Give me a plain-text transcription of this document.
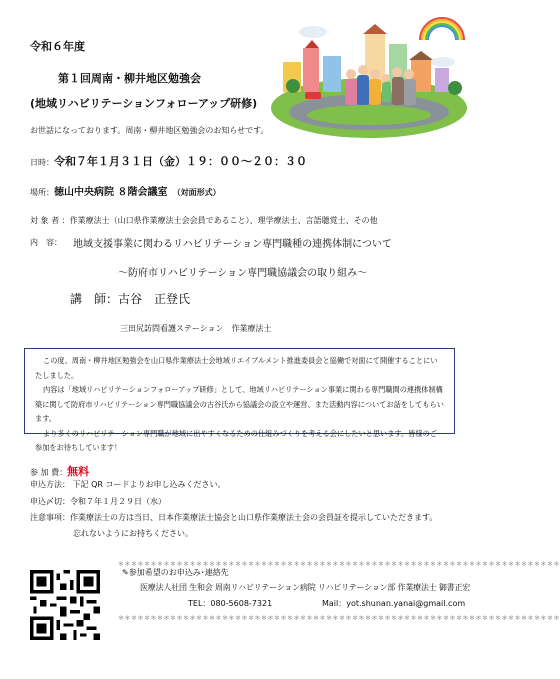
令和６年度
第１回周南・柳井地区勉強会
(地域リハビリテーションフォローアップ研修)
お世話になっております。周南・柳井地区勉強会のお知らせです。
日時：令和７年１月３１日（金）１９：００〜２０：３０
場所：徳山中央病院 ８階会議室 （対面形式）
対 象 者 ：作業療法士（山口県作業療法士会会員であること）、理学療法士、言語聴覚士、その他
内　容： 地域支援事業に関わるリハビリテーション専門職種の連携体制について
〜防府市リハビリテーション専門職協議会の取り組み〜
講　師：古谷　正登氏
三田尻訪問看護ステーション　作業療法士

この度、周南・柳井地区勉強会を山口県作業療法士会地域リエイブルメント推進委員会と協働で対面にて開催することにいたしました。

内容は「地域リハビリテーションフォローアップ研修」として、地域リハビリテーション事業に関わる専門職間の連携体制構築に関して防府市リハビリテーション専門職協議会の古谷氏から協議会の設立や運営、また活動内容についてお話をしてもらいます。

より多くのリハビリテーション専門職が地域に出やすくなるための仕組みづくりを考える会にしたいと思います。皆様のご参加をお待ちしています！

参 加 費：無料
申込方法： 下記 QR コードよりお申し込みください。
申込〆切：令和７年１月２９日（水）
注意事項：作業療法士の方は当日、日本作業療法士協会と山口県作業療法士会の会員証を提示していただきます。
忘れないようにお持ちください。
＊＊＊＊＊＊＊＊＊＊＊＊＊＊＊＊＊＊＊＊＊＊＊＊＊＊＊＊＊＊＊＊＊＊＊＊＊＊＊＊＊＊＊＊＊＊＊＊＊＊＊＊＊＊＊＊＊＊＊＊＊＊＊＊＊＊＊＊
✎参加希望のお申込み･連絡先
医療法人社団 生和会 周南リハビリテーション病院 リハビリテーション部 作業療法士 御書正宏
TEL：080‐5608‐7321	Mail：yot.shunan.yanai@gmail.com
＊＊＊＊＊＊＊＊＊＊＊＊＊＊＊＊＊＊＊＊＊＊＊＊＊＊＊＊＊＊＊＊＊＊＊＊＊＊＊＊＊＊＊＊＊＊＊＊＊＊＊＊＊＊＊＊＊＊＊＊＊＊＊＊＊＊＊＊
